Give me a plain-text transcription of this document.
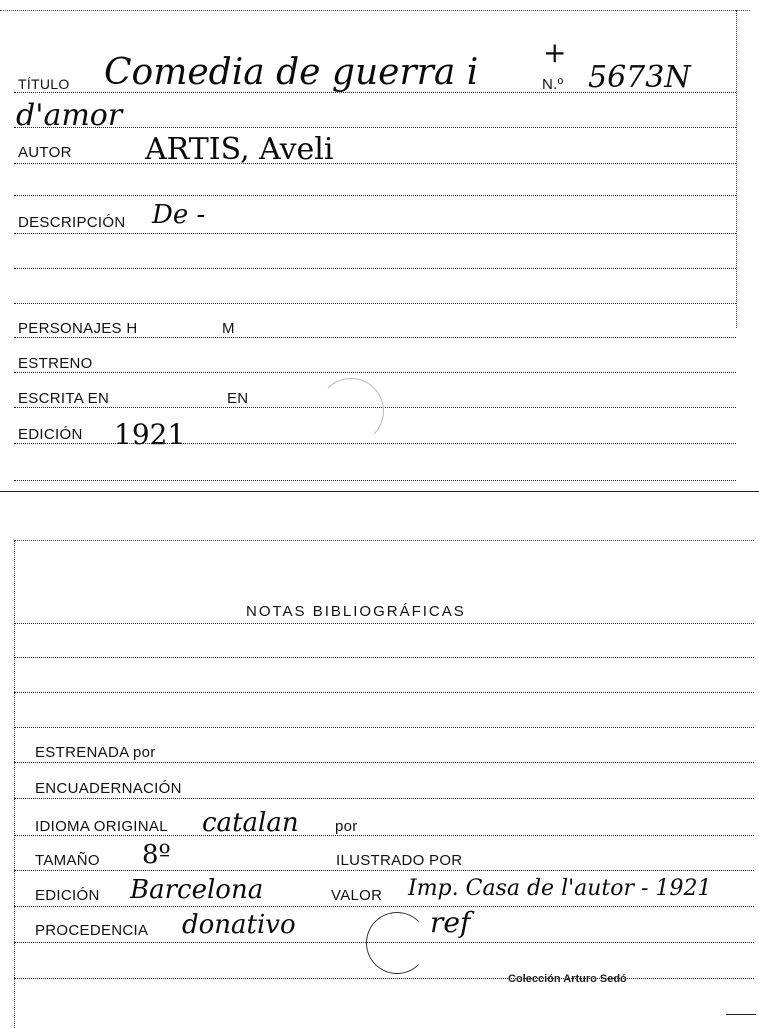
TÍTULO Comedia de guerra i +
N.º 5673N
d'amor
AUTOR ARTIS, Aveli
DESCRIPCIÓN De -
PERSONAJES H	M
ESTRENO
ESCRITA EN	EN
EDICIÓN 1921
NOTAS BIBLIOGRÁFICAS
ESTRENADA por
ENCUADERNACIÓN
IDIOMA ORIGINAL catalan por
TAMAÑO 8º	ILUSTRADO POR
EDICIÓN Barcelona	VALOR Imp. Casa de l'autor - 1921
PROCEDENCIA donativo	ref
Colección Arturo Sedó
